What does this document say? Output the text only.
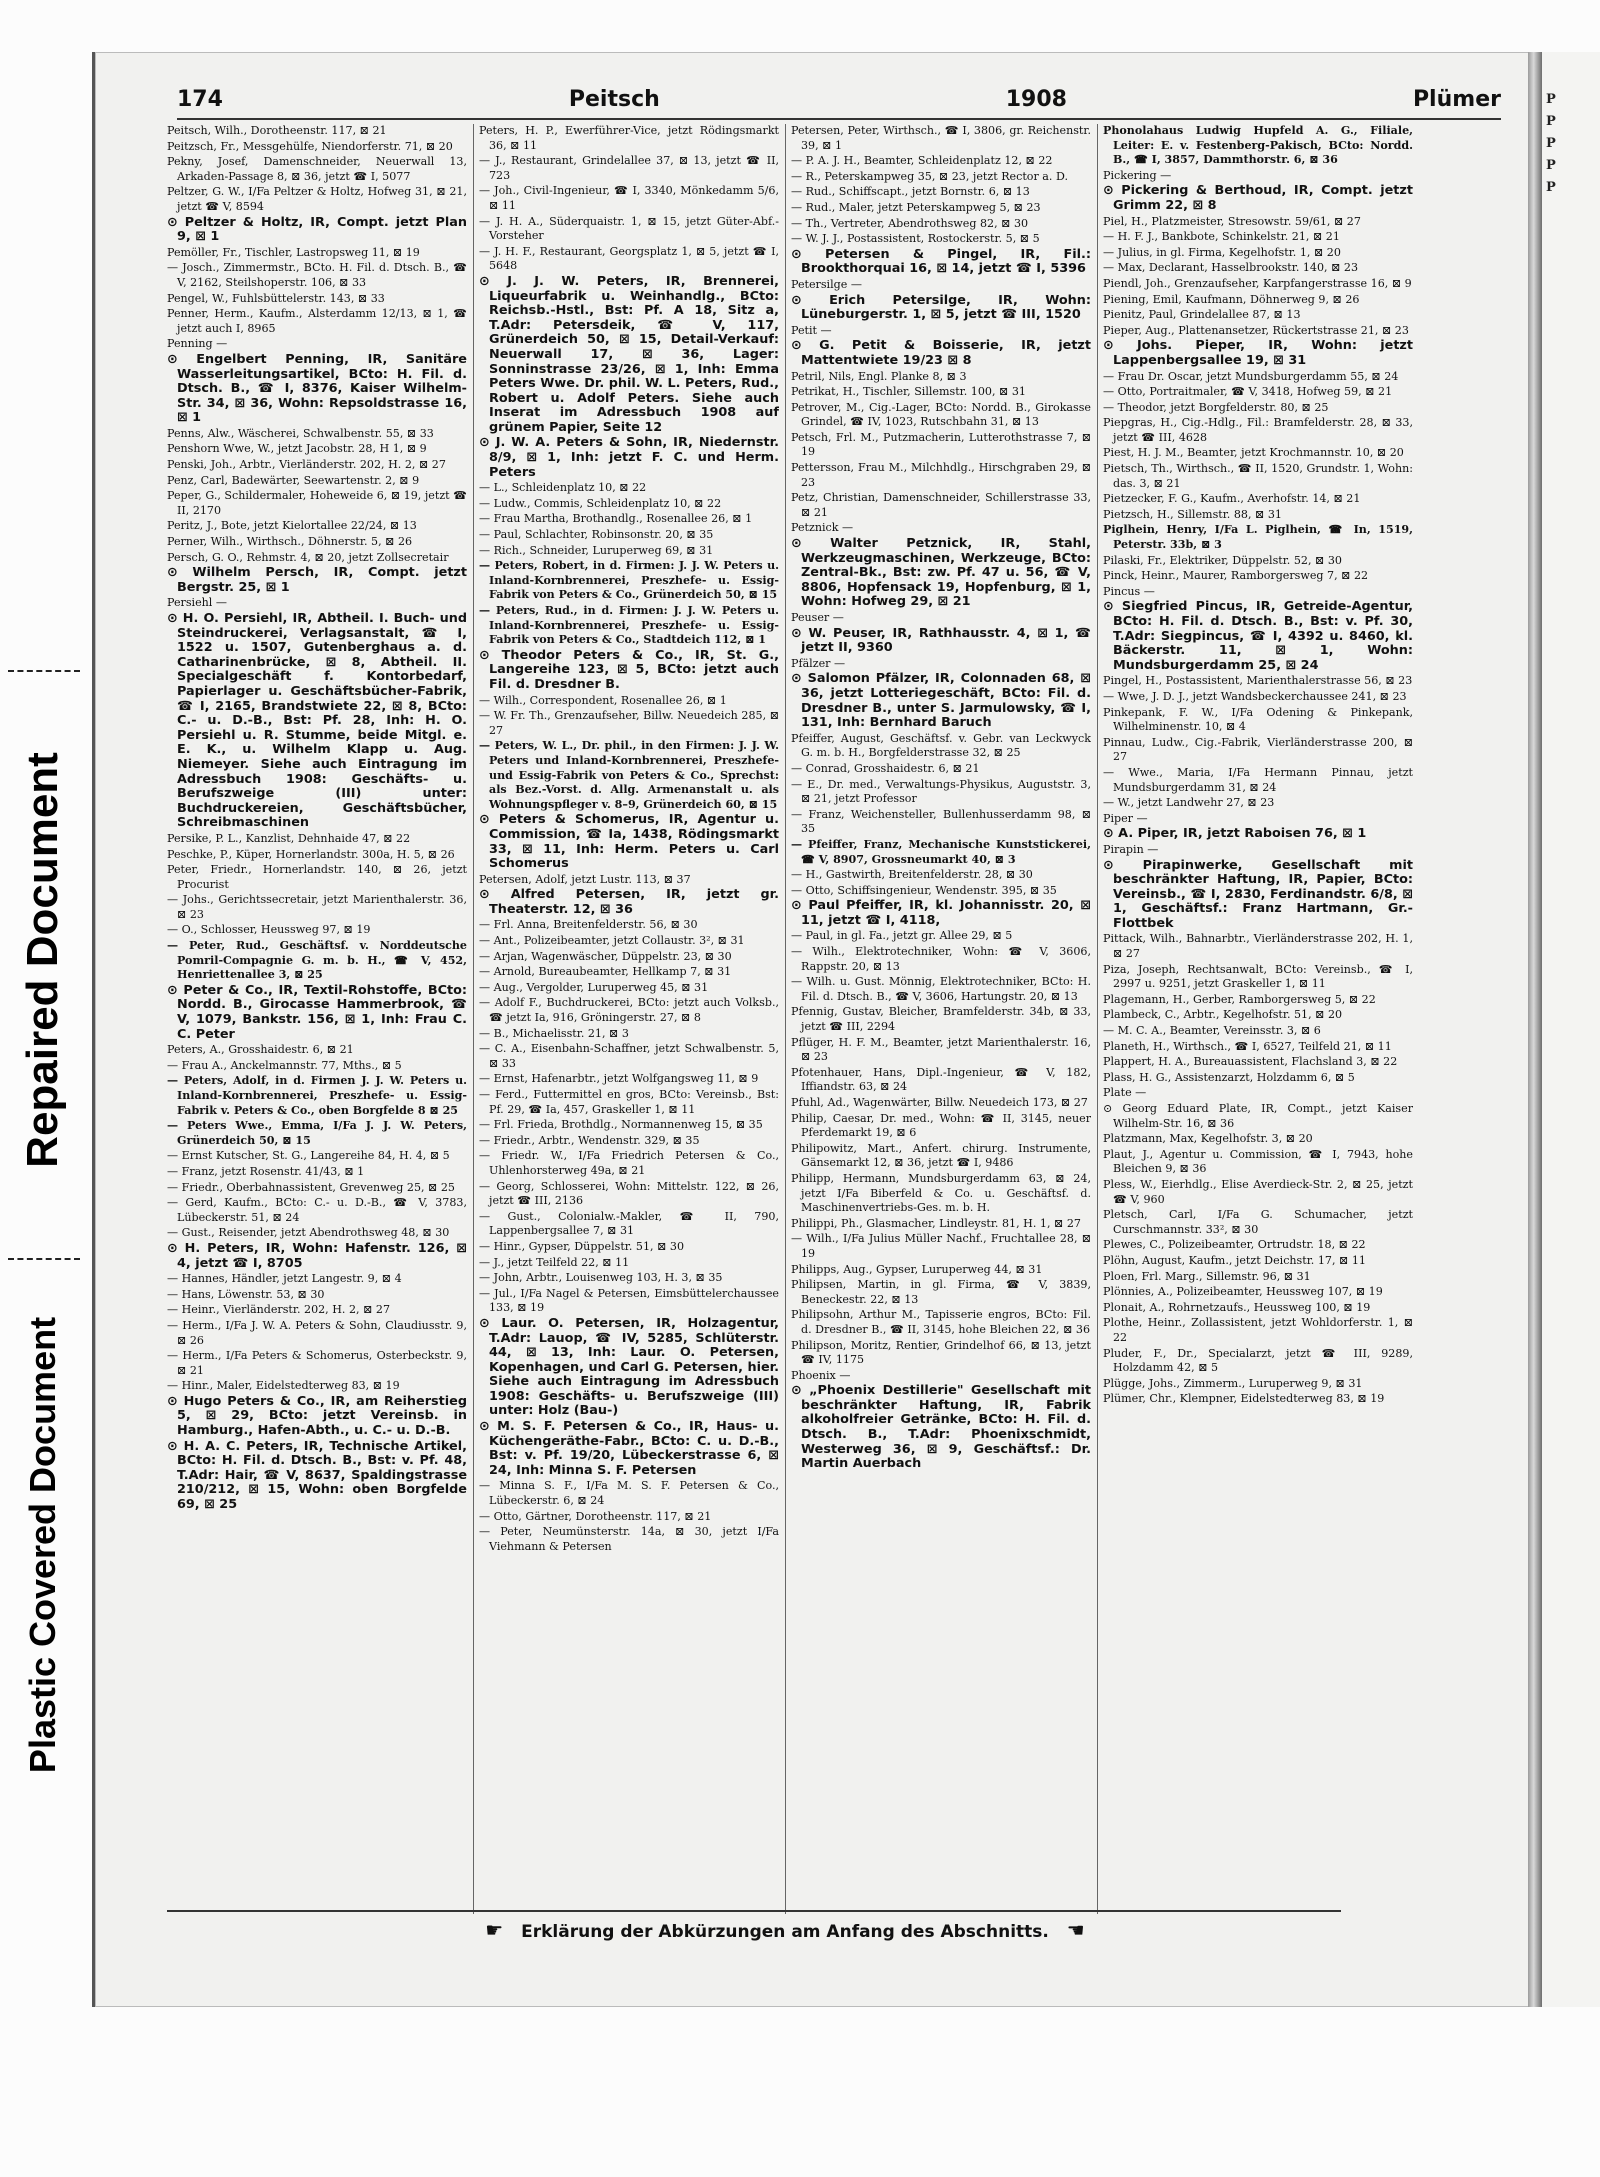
Repaired Document
Plastic Covered Document
174	Peitsch	1908	Plümer

Peitsch, Wilh., Dorotheenstr. 117, ⊠ 21

Peitzsch, Fr., Messgehülfe, Niendorferstr. 71, ⊠ 20

Pekny, Josef, Damenschneider, Neuerwall 13, Arkaden-Passage 8, ⊠ 36, jetzt ☎ I, 5077

Peltzer, G. W., I/Fa Peltzer & Holtz, Hofweg 31, ⊠ 21, jetzt ☎ V, 8594

⊙ Peltzer & Holtz, IR, Compt. jetzt Plan 9, ⊠ 1

Pemöller, Fr., Tischler, Lastropsweg 11, ⊠ 19

— Josch., Zimmermstr., BCto. H. Fil. d. Dtsch. B., ☎ V, 2162, Steilshoperstr. 106, ⊠ 33

Pengel, W., Fuhlsbüttelerstr. 143, ⊠ 33

Penner, Herm., Kaufm., Alsterdamm 12/13, ⊠ 1, ☎ jetzt auch I, 8965

Penning —

⊙ Engelbert Penning, IR, Sanitäre Wasserleitungsartikel, BCto: H. Fil. d. Dtsch. B., ☎ I, 8376, Kaiser Wilhelm-Str. 34, ⊠ 36, Wohn: Repsoldstrasse 16, ⊠ 1

Penns, Alw., Wäscherei, Schwalbenstr. 55, ⊠ 33

Penshorn Wwe, W., jetzt Jacobstr. 28, H 1, ⊠ 9

Penski, Joh., Arbtr., Vierländerstr. 202, H. 2, ⊠ 27

Penz, Carl, Badewärter, Seewartenstr. 2, ⊠ 9

Peper, G., Schildermaler, Hoheweide 6, ⊠ 19, jetzt ☎ II, 2170

Peritz, J., Bote, jetzt Kielortallee 22/24, ⊠ 13

Perner, Wilh., Wirthsch., Döhnerstr. 5, ⊠ 26

Persch, G. O., Rehmstr. 4, ⊠ 20, jetzt Zollsecretair

⊙ Wilhelm Persch, IR, Compt. jetzt Bergstr. 25, ⊠ 1

Persiehl —

⊙ H. O. Persiehl, IR, Abtheil. I. Buch- und Steindruckerei, Verlagsanstalt, ☎ I, 1522 u. 1507, Gutenberghaus a. d. Catharinenbrücke, ⊠ 8, Abtheil. II. Specialgeschäft f. Kontorbedarf, Papierlager u. Geschäftsbücher-Fabrik, ☎ I, 2165, Brandstwiete 22, ⊠ 8, BCto: C.- u. D.-B., Bst: Pf. 28, Inh: H. O. Persiehl u. R. Stumme, beide Mitgl. e. E. K., u. Wilhelm Klapp u. Aug. Niemeyer. Siehe auch Eintragung im Adressbuch 1908: Geschäfts- u. Berufszweige (III) unter: Buchdruckereien, Geschäftsbücher, Schreibmaschinen

Persike, P. L., Kanzlist, Dehnhaide 47, ⊠ 22

Peschke, P., Küper, Hornerlandstr. 300a, H. 5, ⊠ 26

Peter, Friedr., Hornerlandstr. 140, ⊠ 26, jetzt Procurist

— Johs., Gerichtssecretair, jetzt Marienthalerstr. 36, ⊠ 23

— O., Schlosser, Heussweg 97, ⊠ 19

— Peter, Rud., Geschäftsf. v. Norddeutsche Pomril-Compagnie G. m. b. H., ☎ V, 452, Henriettenallee 3, ⊠ 25

⊙ Peter & Co., IR, Textil-Rohstoffe, BCto: Nordd. B., Girocasse Hammerbrook, ☎ V, 1079, Bankstr. 156, ⊠ 1, Inh: Frau C. C. Peter

Peters, A., Grosshaidestr. 6, ⊠ 21

— Frau A., Anckelmannstr. 77, Mths., ⊠ 5

— Peters, Adolf, in d. Firmen J. J. W. Peters u. Inland-Kornbrennerei, Preszhefe- u. Essig-Fabrik v. Peters & Co., oben Borgfelde 8 ⊠ 25

— Peters Wwe., Emma, I/Fa J. J. W. Peters, Grünerdeich 50, ⊠ 15

— Ernst Kutscher, St. G., Langereihe 84, H. 4, ⊠ 5

— Franz, jetzt Rosenstr. 41/43, ⊠ 1

— Friedr., Oberbahnassistent, Grevenweg 25, ⊠ 25

— Gerd, Kaufm., BCto: C.- u. D.-B., ☎ V, 3783, Lübeckerstr. 51, ⊠ 24

— Gust., Reisender, jetzt Abendrothsweg 48, ⊠ 30

⊙ H. Peters, IR, Wohn: Hafenstr. 126, ⊠ 4, jetzt ☎ I, 8705

— Hannes, Händler, jetzt Langestr. 9, ⊠ 4

— Hans, Löwenstr. 53, ⊠ 30

— Heinr., Vierländerstr. 202, H. 2, ⊠ 27

— Herm., I/Fa J. W. A. Peters & Sohn, Claudiusstr. 9, ⊠ 26

— Herm., I/Fa Peters & Schomerus, Osterbeckstr. 9, ⊠ 21

— Hinr., Maler, Eidelstedterweg 83, ⊠ 19

⊙ Hugo Peters & Co., IR, am Reiherstieg 5, ⊠ 29, BCto: jetzt Vereinsb. in Hamburg., Hafen-Abth., u. C.- u. D.-B.

⊙ H. A. C. Peters, IR, Technische Artikel, BCto: H. Fil. d. Dtsch. B., Bst: v. Pf. 48, T.Adr: Hair, ☎ V, 8637, Spaldingstrasse 210/212, ⊠ 15, Wohn: oben Borgfelde 69, ⊠ 25

Peters, H. P., Ewerführer-Vice, jetzt Rödingsmarkt 36, ⊠ 11

— J., Restaurant, Grindelallee 37, ⊠ 13, jetzt ☎ II, 723

— Joh., Civil-Ingenieur, ☎ I, 3340, Mönkedamm 5/6, ⊠ 11

— J. H. A., Süderquaistr. 1, ⊠ 15, jetzt Güter-Abf.-Vorsteher

— J. H. F., Restaurant, Georgsplatz 1, ⊠ 5, jetzt ☎ I, 5648

⊙ J. J. W. Peters, IR, Brennerei, Liqueurfabrik u. Weinhandlg., BCto: Reichsb.-Hstl., Bst: Pf. A 18, Sitz a, T.Adr: Petersdeik, ☎ V, 117, Grünerdeich 50, ⊠ 15, Detail-Verkauf: Neuerwall 17, ⊠ 36, Lager: Sonninstrasse 23/26, ⊠ 1, Inh: Emma Peters Wwe. Dr. phil. W. L. Peters, Rud., Robert u. Adolf Peters. Siehe auch Inserat im Adressbuch 1908 auf grünem Papier, Seite 12

⊙ J. W. A. Peters & Sohn, IR, Niedernstr. 8/9, ⊠ 1, Inh: jetzt F. C. und Herm. Peters

— L., Schleidenplatz 10, ⊠ 22

— Ludw., Commis, Schleidenplatz 10, ⊠ 22

— Frau Martha, Brothandlg., Rosenallee 26, ⊠ 1

— Paul, Schlachter, Robinsonstr. 20, ⊠ 35

— Rich., Schneider, Luruperweg 69, ⊠ 31

— Peters, Robert, in d. Firmen: J. J. W. Peters u. Inland-Kornbrennerei, Preszhefe- u. Essig-Fabrik von Peters & Co., Grünerdeich 50, ⊠ 15

— Peters, Rud., in d. Firmen: J. J. W. Peters u. Inland-Kornbrennerei, Preszhefe- u. Essig-Fabrik von Peters & Co., Stadtdeich 112, ⊠ 1

⊙ Theodor Peters & Co., IR, St. G., Langereihe 123, ⊠ 5, BCto: jetzt auch Fil. d. Dresdner B.

— Wilh., Correspondent, Rosenallee 26, ⊠ 1

— W. Fr. Th., Grenzaufseher, Billw. Neuedeich 285, ⊠ 27

— Peters, W. L., Dr. phil., in den Firmen: J. J. W. Peters und Inland-Kornbrennerei, Preszhefe- und Essig-Fabrik von Peters & Co., Sprechst: als Bez.-Vorst. d. Allg. Armenanstalt u. als Wohnungspfleger v. 8–9, Grünerdeich 60, ⊠ 15

⊙ Peters & Schomerus, IR, Agentur u. Commission, ☎ Ia, 1438, Rödingsmarkt 33, ⊠ 11, Inh: Herm. Peters u. Carl Schomerus

Petersen, Adolf, jetzt Lustr. 113, ⊠ 37

⊙ Alfred Petersen, IR, jetzt gr. Theaterstr. 12, ⊠ 36

— Frl. Anna, Breitenfelderstr. 56, ⊠ 30

— Ant., Polizeibeamter, jetzt Collaustr. 3², ⊠ 31

— Arjan, Wagenwäscher, Düppelstr. 23, ⊠ 30

— Arnold, Bureaubeamter, Hellkamp 7, ⊠ 31

— Aug., Vergolder, Luruperweg 45, ⊠ 31

— Adolf F., Buchdruckerei, BCto: jetzt auch Volksb., ☎ jetzt Ia, 916, Gröningerstr. 27, ⊠ 8

— B., Michaelisstr. 21, ⊠ 3

— C. A., Eisenbahn-Schaffner, jetzt Schwalbenstr. 5, ⊠ 33

— Ernst, Hafenarbtr., jetzt Wolfgangsweg 11, ⊠ 9

— Ferd., Futtermittel en gros, BCto: Vereinsb., Bst: Pf. 29, ☎ Ia, 457, Graskeller 1, ⊠ 11

— Frl. Frieda, Brothdlg., Normannenweg 15, ⊠ 35

— Friedr., Arbtr., Wendenstr. 329, ⊠ 35

— Friedr. W., I/Fa Friedrich Petersen & Co., Uhlenhorsterweg 49a, ⊠ 21

— Georg, Schlosserei, Wohn: Mittelstr. 122, ⊠ 26, jetzt ☎ III, 2136

— Gust., Colonialw.-Makler, ☎ II, 790, Lappenbergsallee 7, ⊠ 31

— Hinr., Gypser, Düppelstr. 51, ⊠ 30

— J., jetzt Teilfeld 22, ⊠ 11

— John, Arbtr., Louisenweg 103, H. 3, ⊠ 35

— Jul., I/Fa Nagel & Petersen, Eimsbüttelerchaussee 133, ⊠ 19

⊙ Laur. O. Petersen, IR, Holzagentur, T.Adr: Lauop, ☎ IV, 5285, Schlüterstr. 44, ⊠ 13, Inh: Laur. O. Petersen, Kopenhagen, und Carl G. Petersen, hier. Siehe auch Eintragung im Adressbuch 1908: Geschäfts- u. Berufszweige (III) unter: Holz (Bau-)

⊙ M. S. F. Petersen & Co., IR, Haus- u. Küchengeräthe-Fabr., BCto: C. u. D.-B., Bst: v. Pf. 19/20, Lübeckerstrasse 6, ⊠ 24, Inh: Minna S. F. Petersen

— Minna S. F., I/Fa M. S. F. Petersen & Co., Lübeckerstr. 6, ⊠ 24

— Otto, Gärtner, Dorotheenstr. 117, ⊠ 21

— Peter, Neumünsterstr. 14a, ⊠ 30, jetzt I/Fa Viehmann & Petersen

Petersen, Peter, Wirthsch., ☎ I, 3806, gr. Reichenstr. 39, ⊠ 1

— P. A. J. H., Beamter, Schleidenplatz 12, ⊠ 22

— R., Peterskampweg 35, ⊠ 23, jetzt Rector a. D.

— Rud., Schiffscapt., jetzt Bornstr. 6, ⊠ 13

— Rud., Maler, jetzt Peterskampweg 5, ⊠ 23

— Th., Vertreter, Abendrothsweg 82, ⊠ 30

— W. J. J., Postassistent, Rostockerstr. 5, ⊠ 5

⊙ Petersen & Pingel, IR, Fil.: Brookthorquai 16, ⊠ 14, jetzt ☎ I, 5396

Petersilge —

⊙ Erich Petersilge, IR, Wohn: Lüneburgerstr. 1, ⊠ 5, jetzt ☎ III, 1520

Petit —

⊙ G. Petit & Boisserie, IR, jetzt Mattentwiete 19/23 ⊠ 8

Petril, Nils, Engl. Planke 8, ⊠ 3

Petrikat, H., Tischler, Sillemstr. 100, ⊠ 31

Petrover, M., Cig.-Lager, BCto: Nordd. B., Girokasse Grindel, ☎ IV, 1023, Rutschbahn 31, ⊠ 13

Petsch, Frl. M., Putzmacherin, Lutterothstrasse 7, ⊠ 19

Pettersson, Frau M., Milchhdlg., Hirschgraben 29, ⊠ 23

Petz, Christian, Damenschneider, Schillerstrasse 33, ⊠ 21

Petznick —

⊙ Walter Petznick, IR, Stahl, Werkzeugmaschinen, Werkzeuge, BCto: Zentral-Bk., Bst: zw. Pf. 47 u. 56, ☎ V, 8806, Hopfensack 19, Hopfenburg, ⊠ 1, Wohn: Hofweg 29, ⊠ 21

Peuser —

⊙ W. Peuser, IR, Rathhausstr. 4, ⊠ 1, ☎ jetzt II, 9360

Pfälzer —

⊙ Salomon Pfälzer, IR, Colonnaden 68, ⊠ 36, jetzt Lotteriegeschäft, BCto: Fil. d. Dresdner B., unter S. Jarmulowsky, ☎ I, 131, Inh: Bernhard Baruch

Pfeiffer, August, Geschäftsf. v. Gebr. van Leckwyck G. m. b. H., Borgfelderstrasse 32, ⊠ 25

— Conrad, Grosshaidestr. 6, ⊠ 21

— E., Dr. med., Verwaltungs-Physikus, Auguststr. 3, ⊠ 21, jetzt Professor

— Franz, Weichenstellеr, Bullenhusserdamm 98, ⊠ 35

— Pfeiffer, Franz, Mechanische Kunststickerei, ☎ V, 8907, Grossneumarkt 40, ⊠ 3

— H., Gastwirth, Breitenfelderstr. 28, ⊠ 30

— Otto, Schiffsingenieur, Wendenstr. 395, ⊠ 35

⊙ Paul Pfeiffer, IR, kl. Johannisstr. 20, ⊠ 11, jetzt ☎ I, 4118,

— Paul, in gl. Fa., jetzt gr. Allee 29, ⊠ 5

— Wilh., Elektrotechniker, Wohn: ☎ V, 3606, Rappstr. 20, ⊠ 13

— Wilh. u. Gust. Mönnig, Elektrotechniker, BCto: H. Fil. d. Dtsch. B., ☎ V, 3606, Hartungstr. 20, ⊠ 13

Pfennig, Gustav, Bleicher, Bramfelderstr. 34b, ⊠ 33, jetzt ☎ III, 2294

Pflüger, H. F. M., Beamter, jetzt Marienthalerstr. 16, ⊠ 23

Pfotenhauer, Hans, Dipl.-Ingenieur, ☎ V, 182, Iffiandstr. 63, ⊠ 24

Pfuhl, Ad., Wagenwärter, Billw. Neuedeich 173, ⊠ 27

Philip, Caesar, Dr. med., Wohn: ☎ II, 3145, neuer Pferdemarkt 19, ⊠ 6

Philipowitz, Mart., Anfert. chirurg. Instrumente, Gänsemarkt 12, ⊠ 36, jetzt ☎ I, 9486

Philipp, Hermann, Mundsburgerdamm 63, ⊠ 24, jetzt I/Fa Biberfeld & Co. u. Geschäftsf. d. Maschinenvertriebs-Ges. m. b. H.

Philippi, Ph., Glasmacher, Lindleystr. 81, H. 1, ⊠ 27

— Wilh., I/Fa Julius Müller Nachf., Fruchtallee 28, ⊠ 19

Philipps, Aug., Gypser, Luruperweg 44, ⊠ 31

Philipsen, Martin, in gl. Firma, ☎ V, 3839, Beneckestr. 22, ⊠ 13

Philipsohn, Arthur M., Tapisserie engros, BCto: Fil. d. Dresdner B., ☎ II, 3145, hohe Bleichen 22, ⊠ 36

Philipson, Moritz, Rentier, Grindelhof 66, ⊠ 13, jetzt ☎ IV, 1175

Phoenix —

⊙ „Phoenix Destillerie" Gesellschaft mit beschränkter Haftung, IR, Fabrik alkoholfreier Getränke, BCto: H. Fil. d. Dtsch. B., T.Adr: Phoenixschmidt, Westerweg 36, ⊠ 9, Geschäftsf.: Dr. Martin Auerbach

Phonolahaus Ludwig Hupfeld A. G., Filiale, Leiter: E. v. Festenberg-Pakisch, BCto: Nordd. B., ☎ I, 3857, Dammthorstr. 6, ⊠ 36

Pickering —

⊙ Pickering & Berthoud, IR, Compt. jetzt Grimm 22, ⊠ 8

Piel, H., Platzmeister, Stresowstr. 59/61, ⊠ 27

— H. F. J., Bankbote, Schinkelstr. 21, ⊠ 21

— Julius, in gl. Firma, Kegelhofstr. 1, ⊠ 20

— Max, Declarant, Hasselbrookstr. 140, ⊠ 23

Piendl, Joh., Grenzaufseher, Karpfangerstrasse 16, ⊠ 9

Piening, Emil, Kaufmann, Döhnerweg 9, ⊠ 26

Pienitz, Paul, Grindelallee 87, ⊠ 13

Pieper, Aug., Plattenansetzer, Rückertstrasse 21, ⊠ 23

⊙ Johs. Pieper, IR, Wohn: jetzt Lappenbergsallee 19, ⊠ 31

— Frau Dr. Oscar, jetzt Mundsburgerdamm 55, ⊠ 24

— Otto, Portraitmaler, ☎ V, 3418, Hofweg 59, ⊠ 21

— Theodor, jetzt Borgfelderstr. 80, ⊠ 25

Piepgras, H., Cig.-Hdlg., Fil.: Bramfelderstr. 28, ⊠ 33, jetzt ☎ III, 4628

Piest, H. J. M., Beamter, jetzt Krochmannstr. 10, ⊠ 20

Pietsch, Th., Wirthsch., ☎ II, 1520, Grundstr. 1, Wohn: das. 3, ⊠ 21

Pietzecker, F. G., Kaufm., Averhofstr. 14, ⊠ 21

Pietzsch, H., Sillemstr. 88, ⊠ 31

Piglhein, Henry, I/Fa L. Piglhein, ☎ In, 1519, Peterstr. 33b, ⊠ 3

Pilaski, Fr., Elektriker, Düppelstr. 52, ⊠ 30

Pinck, Heinr., Maurer, Ramborgersweg 7, ⊠ 22

Pincus —

⊙ Siegfried Pincus, IR, Getreide-Agentur, BCto: H. Fil. d. Dtsch. B., Bst: v. Pf. 30, T.Adr: Siegpincus, ☎ I, 4392 u. 8460, kl. Bäckerstr. 11, ⊠ 1, Wohn: Mundsburgerdamm 25, ⊠ 24

Pingel, H., Postassistent, Marienthalerstrasse 56, ⊠ 23

— Wwe, J. D. J., jetzt Wandsbeckerchaussee 241, ⊠ 23

Pinkepank, F. W., I/Fa Odening & Pinkepank, Wilhelminenstr. 10, ⊠ 4

Pinnau, Ludw., Cig.-Fabrik, Vierländerstrasse 200, ⊠ 27

— Wwe., Maria, I/Fa Hermann Pinnau, jetzt Mundsburgerdamm 31, ⊠ 24

— W., jetzt Landwehr 27, ⊠ 23

Piper —

⊙ A. Piper, IR, jetzt Raboisen 76, ⊠ 1

Pirapin —

⊙ Pirapinwerke, Gesellschaft mit beschränkter Haftung, IR, Papier, BCto: Vereinsb., ☎ I, 2830, Ferdinandstr. 6/8, ⊠ 1, Geschäftsf.: Franz Hartmann, Gr.-Flottbek

Pittack, Wilh., Bahnarbtr., Vierländerstrasse 202, H. 1, ⊠ 27

Piza, Joseph, Rechtsanwalt, BCto: Vereinsb., ☎ I, 2997 u. 9251, jetzt Graskeller 1, ⊠ 11

Plagemann, H., Gerber, Ramborgersweg 5, ⊠ 22

Plambeck, C., Arbtr., Kegelhofstr. 51, ⊠ 20

— M. C. A., Beamter, Vereinsstr. 3, ⊠ 6

Planeth, H., Wirthsch., ☎ I, 6527, Teilfeld 21, ⊠ 11

Plappert, H. A., Bureauassistent, Flachsland 3, ⊠ 22

Plass, H. G., Assistenzarzt, Holzdamm 6, ⊠ 5

Plate —

⊙ Georg Eduard Plate, IR, Compt., jetzt Kaiser Wilhelm-Str. 16, ⊠ 36

Platzmann, Max, Kegelhofstr. 3, ⊠ 20

Plaut, J., Agentur u. Commission, ☎ I, 7943, hohe Bleichen 9, ⊠ 36

Pless, W., Eierhdlg., Elise Averdieck-Str. 2, ⊠ 25, jetzt ☎ V, 960

Pletsch, Carl, I/Fa G. Schumacher, jetzt Curschmannstr. 33², ⊠ 30

Plewes, C., Polizeibeamter, Ortrudstr. 18, ⊠ 22

Plöhn, August, Kaufm., jetzt Deichstr. 17, ⊠ 11

Ploen, Frl. Marg., Sillemstr. 96, ⊠ 31

Plönnies, A., Polizeibeamter, Heussweg 107, ⊠ 19

Plonait, A., Rohrnetzaufs., Heussweg 100, ⊠ 19

Plothe, Heinr., Zollassistent, jetzt Wohldorferstr. 1, ⊠ 22

Pluder, F., Dr., Specialarzt, jetzt ☎ III, 9289, Holzdamm 42, ⊠ 5

Plügge, Johs., Zimmerm., Luruperweg 9, ⊠ 31

Plümer, Chr., Klempner, Eidelstedterweg 83, ⊠ 19

☛ Erklärung der Abkürzungen am Anfang des Abschnitts. ☚
P
P
P
P
P
